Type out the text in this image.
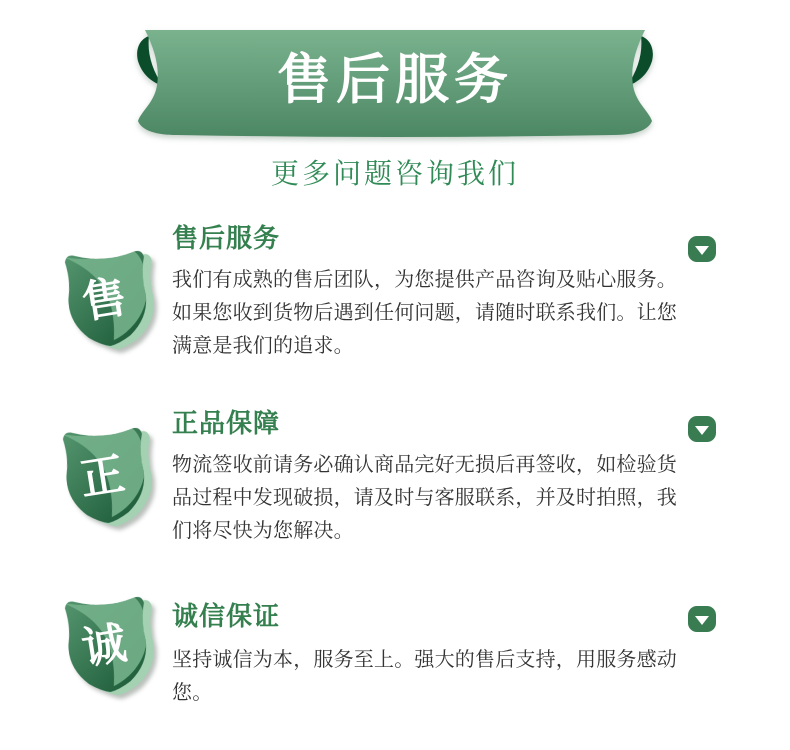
售后服务
更多问题咨询我们
售
正
诚
售后服务
我们有成熟的售后团队，为您提供产品咨询及贴心服务。
如果您收到货物后遇到任何问题，请随时联系我们。让您
满意是我们的追求。
正品保障
物流签收前请务必确认商品完好无损后再签收，如检验货
品过程中发现破损，请及时与客服联系，并及时拍照，我
们将尽快为您解决。
诚信保证
坚持诚信为本，服务至上。强大的售后支持，用服务感动
您。
